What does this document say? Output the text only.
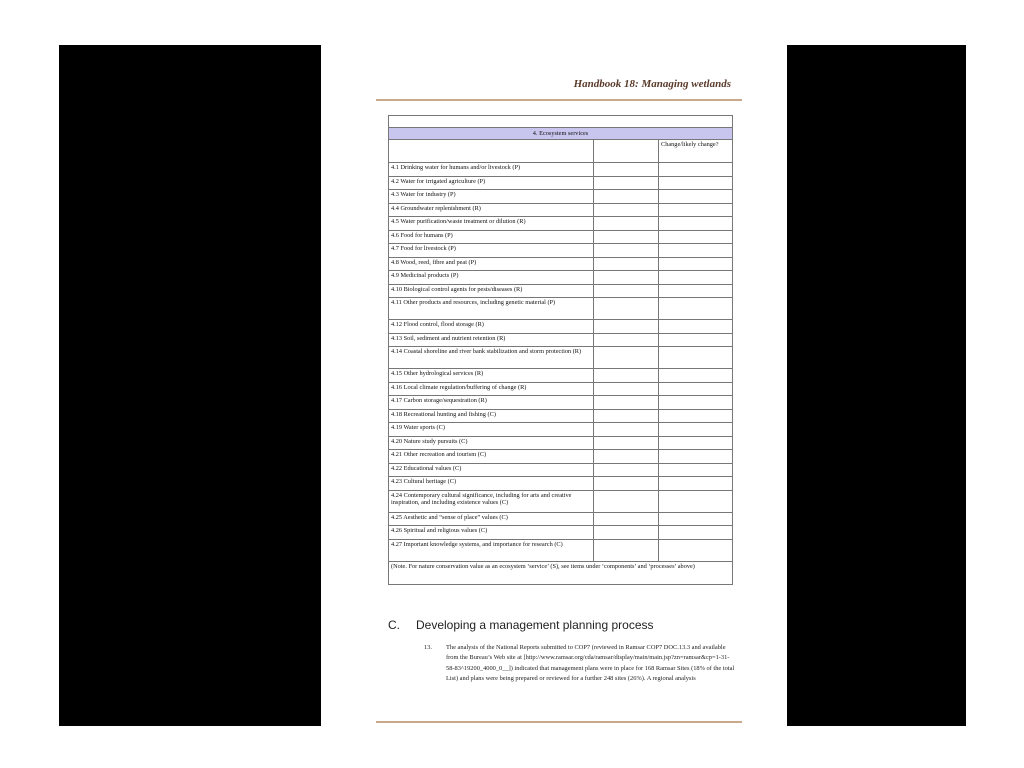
Handbook 18: Managing wetlands

4. Ecosystem services		
		Change/likely change?
4.1 Drinking water for humans and/or livestock (P)		
4.2 Water for irrigated agriculture (P)		
4.3 Water for industry (P)		
4.4 Groundwater replenishment (R)		
4.5 Water purification/waste treatment or dilution (R)		
4.6 Food for humans (P)		
4.7 Food for livestock (P)		
4.8 Wood, reed, fibre and peat (P)		
4.9 Medicinal products (P)		
4.10 Biological control agents for pests/diseases (R)		
4.11 Other products and resources, including genetic material (P)		
4.12 Flood control, flood storage (R)		
4.13 Soil, sediment and nutrient retention (R)		
4.14 Coastal shoreline and river bank stabilization and storm protection (R)		
4.15 Other hydrological services (R)		
4.16 Local climate regulation/buffering of change (R)		
4.17 Carbon storage/sequestration (R)		
4.18 Recreational hunting and fishing (C)		
4.19 Water sports (C)		
4.20 Nature study pursuits (C)		
4.21 Other recreation and tourism (C)		
4.22 Educational values (C)		
4.23 Cultural heritage (C)		
4.24 Contemporary cultural significance, including for arts and creative inspiration, and including existence values (C)		
4.25 Aesthetic and “sense of place” values (C)		
4.26 Spiritual and religious values (C)		
4.27 Important knowledge systems, and importance for research (C)		
(Note. For nature conservation value as an ecosystem ‘service’ (S), see items under ‘components’ and ‘processes’ above)		
C. Developing a management planning process
13. The analysis of the National Reports submitted to COP7 (reviewed in Ramsar COP7 DOC.13.3 and available from the Bureau’s Web site at [http://www.ramsar.org/cda/ramsar/display/main/main.jsp?zn=ramsar&cp=1-31-58-83^19200_4000_0__]) indicated that management plans were in place for 168 Ramsar Sites (18% of the total List) and plans were being prepared or reviewed for a further 248 sites (26%). A regional analysis
